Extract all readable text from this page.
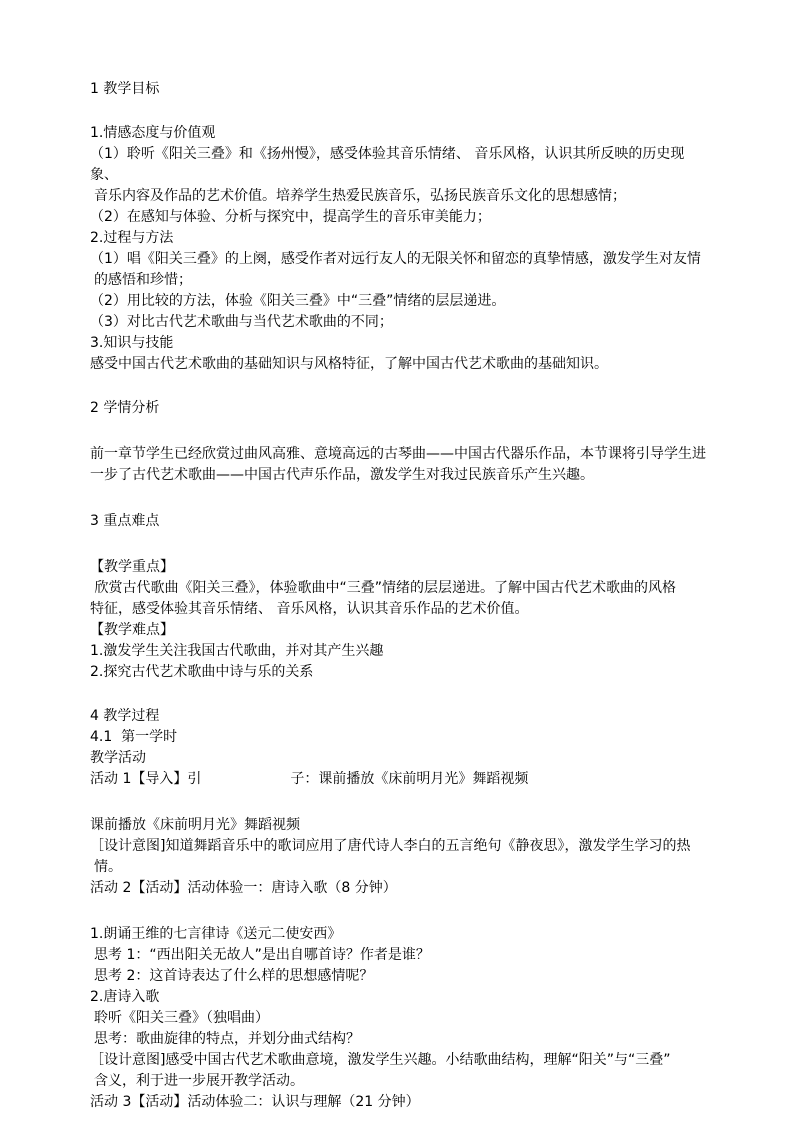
1 教学目标
1.情感态度与价值观
（1）聆听《阳关三叠》和《扬州慢》，感受体验其音乐情绪、 音乐风格，认识其所反映的历史现象、
音乐内容及作品的艺术价值。培养学生热爱民族音乐，弘扬民族音乐文化的思想感情；
（2）在感知与体验、分析与探究中，提高学生的音乐审美能力；
2.过程与方法
（1）唱《阳关三叠》的上阕，感受作者对远行友人的无限关怀和留恋的真挚情感，激发学生对友情
的感悟和珍惜；
（2）用比较的方法，体验《阳关三叠》中“三叠”情绪的层层递进。
（3）对比古代艺术歌曲与当代艺术歌曲的不同；
3.知识与技能
感受中国古代艺术歌曲的基础知识与风格特征，了解中国古代艺术歌曲的基础知识。
2 学情分析
前一章节学生已经欣赏过曲风高雅、意境高远的古琴曲——中国古代器乐作品，本节课将引导学生进
一步了古代艺术歌曲——中国古代声乐作品，激发学生对我过民族音乐产生兴趣。
3 重点难点
【教学重点】
欣赏古代歌曲《阳关三叠》，体验歌曲中“三叠”情绪的层层递进。了解中国古代艺术歌曲的风格
特征，感受体验其音乐情绪、 音乐风格，认识其音乐作品的艺术价值。
【教学难点】
1.激发学生关注我国古代歌曲，并对其产生兴趣
2.探究古代艺术歌曲中诗与乐的关系
4 教学过程
4.1  第一学时
教学活动
活动 1【导入】引                    子：课前播放《床前明月光》舞蹈视频
课前播放《床前明月光》舞蹈视频
［设计意图]知道舞蹈音乐中的歌词应用了唐代诗人李白的五言绝句《静夜思》，激发学生学习的热
情。
活动 2【活动】活动体验一：唐诗入歌（8 分钟）
1.朗诵王维的七言律诗《送元二使安西》
思考 1：“西出阳关无故人”是出自哪首诗？作者是谁？
思考 2：这首诗表达了什么样的思想感情呢？
2.唐诗入歌
聆听《阳关三叠》（独唱曲）
思考：歌曲旋律的特点，并划分曲式结构？
［设计意图]感受中国古代艺术歌曲意境，激发学生兴趣。小结歌曲结构，理解“阳关”与“三叠”
含义，利于进一步展开教学活动。
活动 3【活动】活动体验二：认识与理解（21 分钟）
